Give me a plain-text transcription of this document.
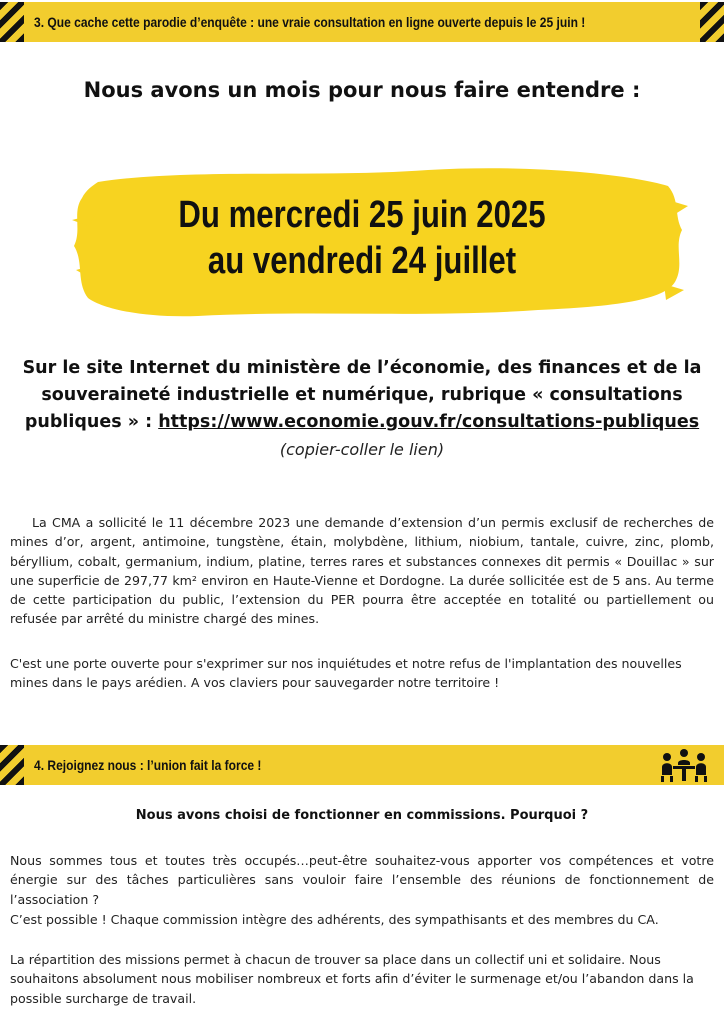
3. Que cache cette parodie d’enquête : une vraie consultation en ligne ouverte depuis le 25 juin !
Nous avons un mois pour nous faire entendre :
Du mercredi 25 juin 2025
au vendredi 24 juillet
Sur le site Internet du ministère de l’économie, des finances et de la souveraineté industrielle et numérique, rubrique « consultations publiques » : https://www.economie.gouv.fr/consultations-publiques
(copier-coller le lien)
La CMA a sollicité le 11 décembre 2023 une demande d’extension d’un permis exclusif de recherches de mines d’or, argent, antimoine, tungstène, étain, molybdène, lithium, niobium, tantale, cuivre, zinc, plomb, béryllium, cobalt, germanium, indium, platine, terres rares et substances connexes dit permis « Douillac » sur une superficie de 297,77 km² environ en Haute-Vienne et Dordogne. La durée sollicitée est de 5 ans. Au terme de cette participation du public, l’extension du PER pourra être acceptée en totalité ou partiellement ou refusée par arrêté du ministre chargé des mines.
C'est une porte ouverte pour s'exprimer sur nos inquiétudes et notre refus de l'implantation des nouvelles mines dans le pays arédien. A vos claviers pour sauvegarder notre territoire !
4. Rejoignez nous : l’union fait la force !
Nous avons choisi de fonctionner en commissions. Pourquoi ?
Nous sommes tous et toutes très occupés…peut-être souhaitez-vous apporter vos compétences et votre énergie sur des tâches particulières sans vouloir faire l’ensemble des réunions de fonctionnement de l’association ?
C’est possible ! Chaque commission intègre des adhérents, des sympathisants et des membres du CA.
La répartition des missions permet à chacun de trouver sa place dans un collectif uni et solidaire. Nous souhaitons absolument nous mobiliser nombreux et forts afin d’éviter le surmenage et/ou l’abandon dans la possible surcharge de travail.
